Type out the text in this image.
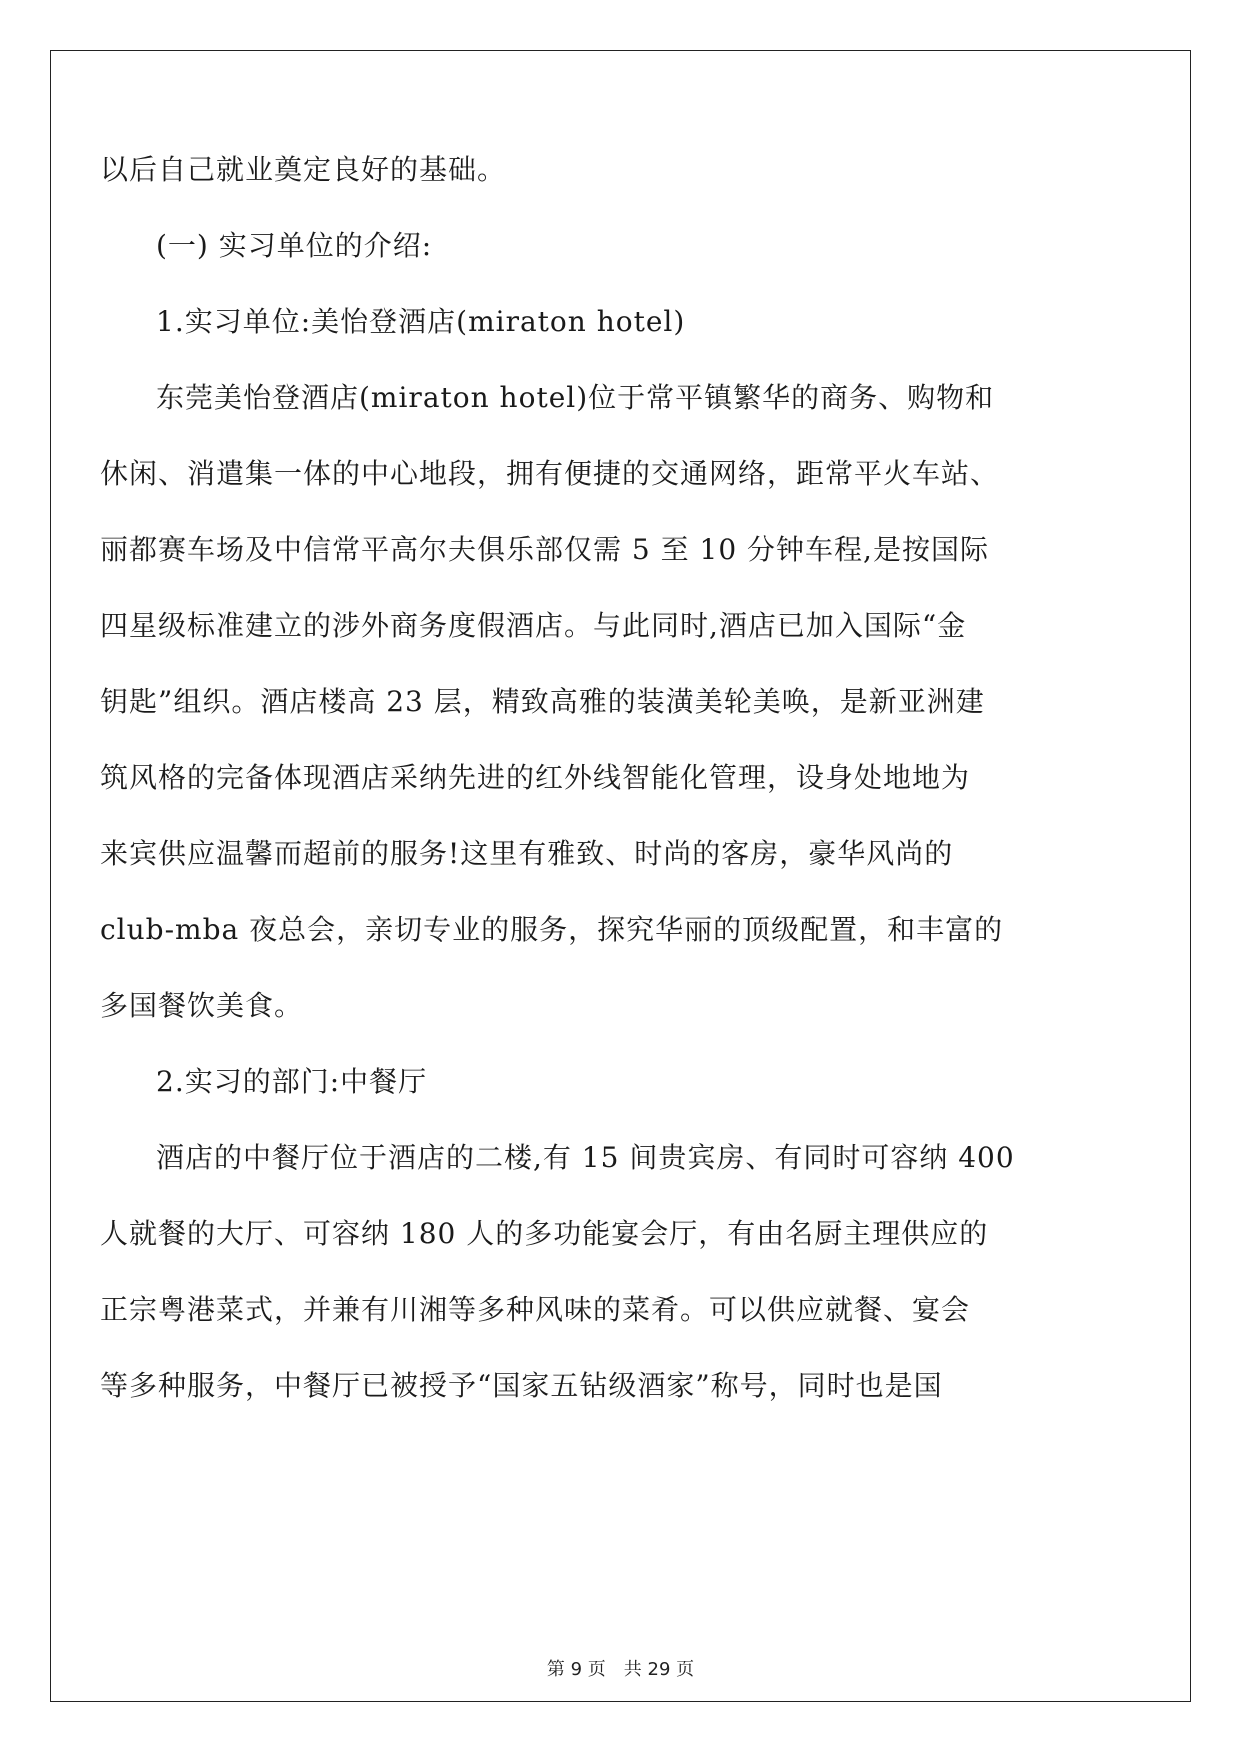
以后自己就业奠定良好的基础。
(一) 实习单位的介绍:
1.实习单位:美怡登酒店(miraton hotel)
东莞美怡登酒店(miraton hotel)位于常平镇繁华的商务、购物和
休闲、消遣集一体的中心地段，拥有便捷的交通网络，距常平火车站、
丽都赛车场及中信常平高尔夫俱乐部仅需 5 至 10 分钟车程,是按国际
四星级标准建立的涉外商务度假酒店。与此同时,酒店已加入国际“金
钥匙”组织。酒店楼高 23 层，精致高雅的装潢美轮美唤，是新亚洲建
筑风格的完备体现酒店采纳先进的红外线智能化管理，设身处地地为
来宾供应温馨而超前的服务!这里有雅致、时尚的客房，豪华风尚的
club-mba 夜总会，亲切专业的服务，探究华丽的顶级配置，和丰富的
多国餐饮美食。
2.实习的部门:中餐厅
酒店的中餐厅位于酒店的二楼,有 15 间贵宾房、有同时可容纳 400
人就餐的大厅、可容纳 180 人的多功能宴会厅，有由名厨主理供应的
正宗粤港菜式，并兼有川湘等多种风味的菜肴。可以供应就餐、宴会
等多种服务，中餐厅已被授予“国家五钻级酒家”称号，同时也是国
第 9 页 共 29 页
